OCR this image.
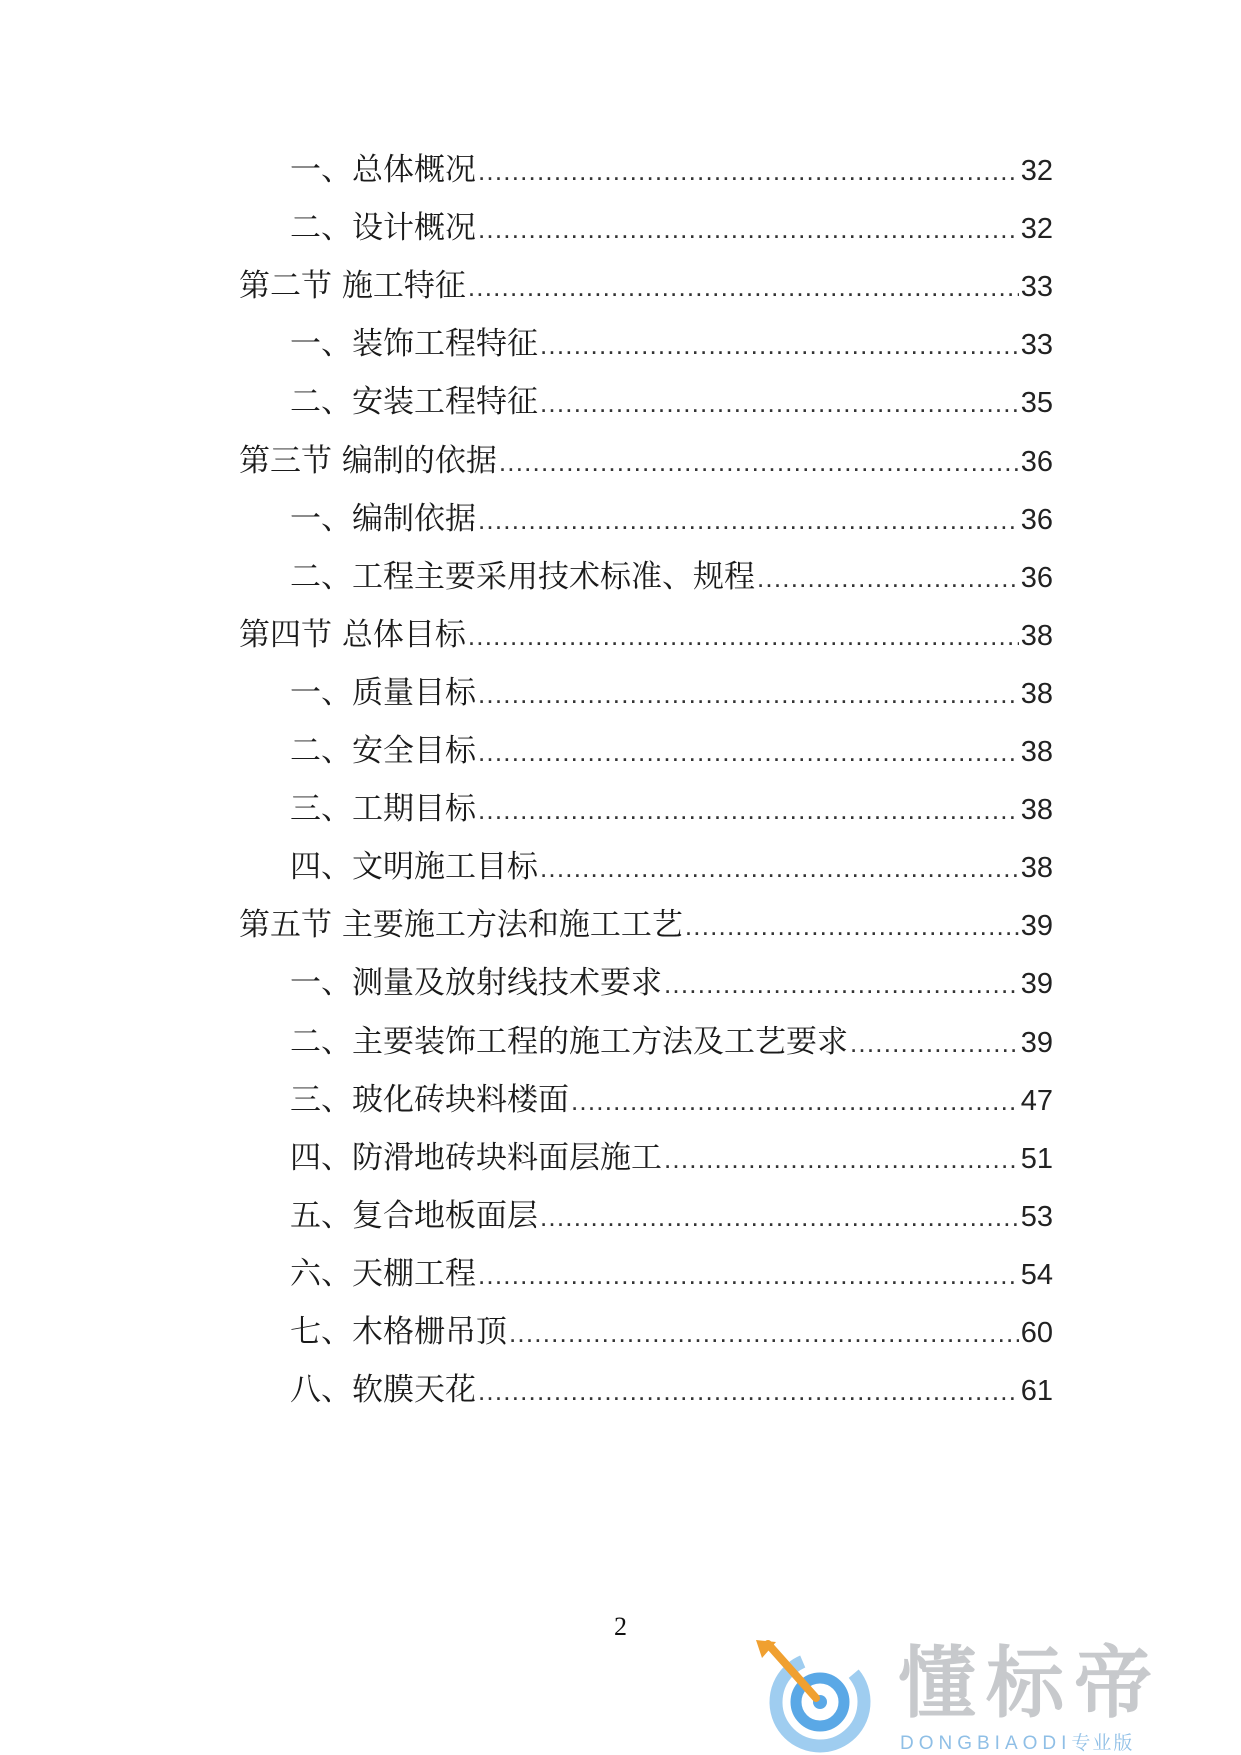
一、 总体概况 .....	32
二、 设计概况 .....	32
第二节 施工特征 .....	33
一、 装饰工程特征 .....	33
二、 安装工程特征 .....	35
第三节 编制的依据 .....	36
一、 编制依据 .....	36
二、 工程主要采用技术标准、规程 .....	36
第四节 总体目标 .....	38
一、 质量目标 .....	38
二、 安全目标 .....	38
三、 工期目标 .....	38
四、 文明施工目标 .....	38
第五节 主要施工方法和施工工艺 .....	39
一、 测量及放射线技术要求 .....	39
二、 主要装饰工程的施工方法及工艺要求 .....	39
三、 玻化砖块料楼面 .....	47
四、 防滑地砖块料面层施工 .....	51
五、 复合地板面层 .....	53
六、 天棚工程 .....	54
七、 木格栅吊顶 .....	60
八、 软膜天花 .....	61
2
懂标帝
DONGBIAODI专业版
